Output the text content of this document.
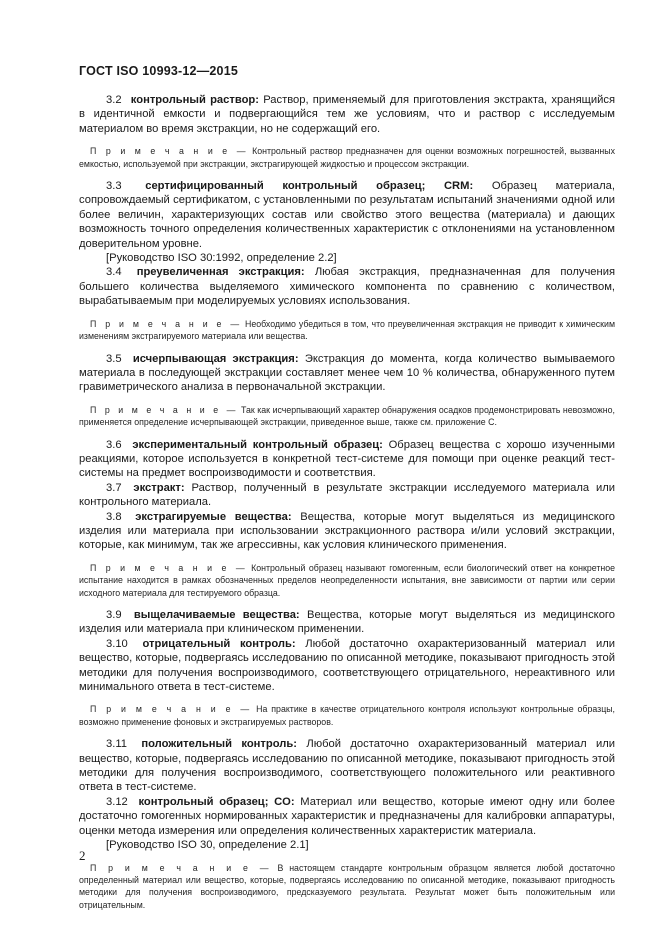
ГОСТ ISO 10993-12—2015

3.2 контрольный раствор: Раствор, применяемый для приготовления экстракта, хранящийся в идентичной емкости и подвергающийся тем же условиям, что и раствор с исследуемым материалом во время экстракции, но не содержащий его.

П р и м е ч а н и е — Контрольный раствор предназначен для оценки возможных погрешностей, вызванных емкостью, используемой при экстракции, экстрагирующей жидкостью и процессом экстракции.

3.3 сертифицированный контрольный образец; CRM: Образец материала, сопровождаемый сертификатом, с установленными по результатам испытаний значениями одной или более величин, характеризующих состав или свойство этого вещества (материала) и дающих возможность точного определения количественных характеристик с отклонениями на установленном доверительном уровне.

[Руководство ISO 30:1992, определение 2.2]

3.4 преувеличенная экстракция: Любая экстракция, предназначенная для получения большего количества выделяемого химического компонента по сравнению с количеством, вырабатываемым при моделируемых условиях использования.

П р и м е ч а н и е — Необходимо убедиться в том, что преувеличенная экстракция не приводит к химическим изменениям экстрагируемого материала или вещества.

3.5 исчерпывающая экстракция: Экстракция до момента, когда количество вымываемого материала в последующей экстракции составляет менее чем 10 % количества, обнаруженного путем гравиметрического анализа в первоначальной экстракции.

П р и м е ч а н и е — Так как исчерпывающий характер обнаружения осадков продемонстрировать невозможно, применяется определение исчерпывающей экстракции, приведенное выше, также см. приложение С.

3.6 экспериментальный контрольный образец: Образец вещества с хорошо изученными реакциями, которое используется в конкретной тест-системе для помощи при оценке реакций тест-системы на предмет воспроизводимости и соответствия.

3.7 экстракт: Раствор, полученный в результате экстракции исследуемого материала или контрольного материала.

3.8 экстрагируемые вещества: Вещества, которые могут выделяться из медицинского изделия или материала при использовании экстракционного раствора и/или условий экстракции, которые, как минимум, так же агрессивны, как условия клинического применения.

П р и м е ч а н и е — Контрольный образец называют гомогенным, если биологический ответ на конкретное испытание находится в рамках обозначенных пределов неопределенности испытания, вне зависимости от партии или серии исходного материала для тестируемого образца.

3.9 выщелачиваемые вещества: Вещества, которые могут выделяться из медицинского изделия или материала при клиническом применении.

3.10 отрицательный контроль: Любой достаточно охарактеризованный материал или вещество, которые, подвергаясь исследованию по описанной методике, показывают пригодность этой методики для получения воспроизводимого, соответствующего отрицательного, нереактивного или минимального ответа в тест-системе.

П р и м е ч а н и е — На практике в качестве отрицательного контроля используют контрольные образцы, возможно применение фоновых и экстрагируемых растворов.

3.11 положительный контроль: Любой достаточно охарактеризованный материал или вещество, которые, подвергаясь исследованию по описанной методике, показывают пригодность этой методики для получения воспроизводимого, соответствующего положительного или реактивного ответа в тест-системе.

3.12 контрольный образец; CO: Материал или вещество, которые имеют одну или более достаточно гомогенных нормированных характеристик и предназначены для калибровки аппаратуры, оценки метода измерения или определения количественных характеристик материала.

[Руководство ISO 30, определение 2.1]

П р и м е ч а н и е — В настоящем стандарте контрольным образцом является любой достаточно определенный материал или вещество, которые, подвергаясь исследованию по описанной методике, показывают пригодность методики для получения воспроизводимого, предсказуемого результата. Результат может быть положительным или отрицательным.

2
